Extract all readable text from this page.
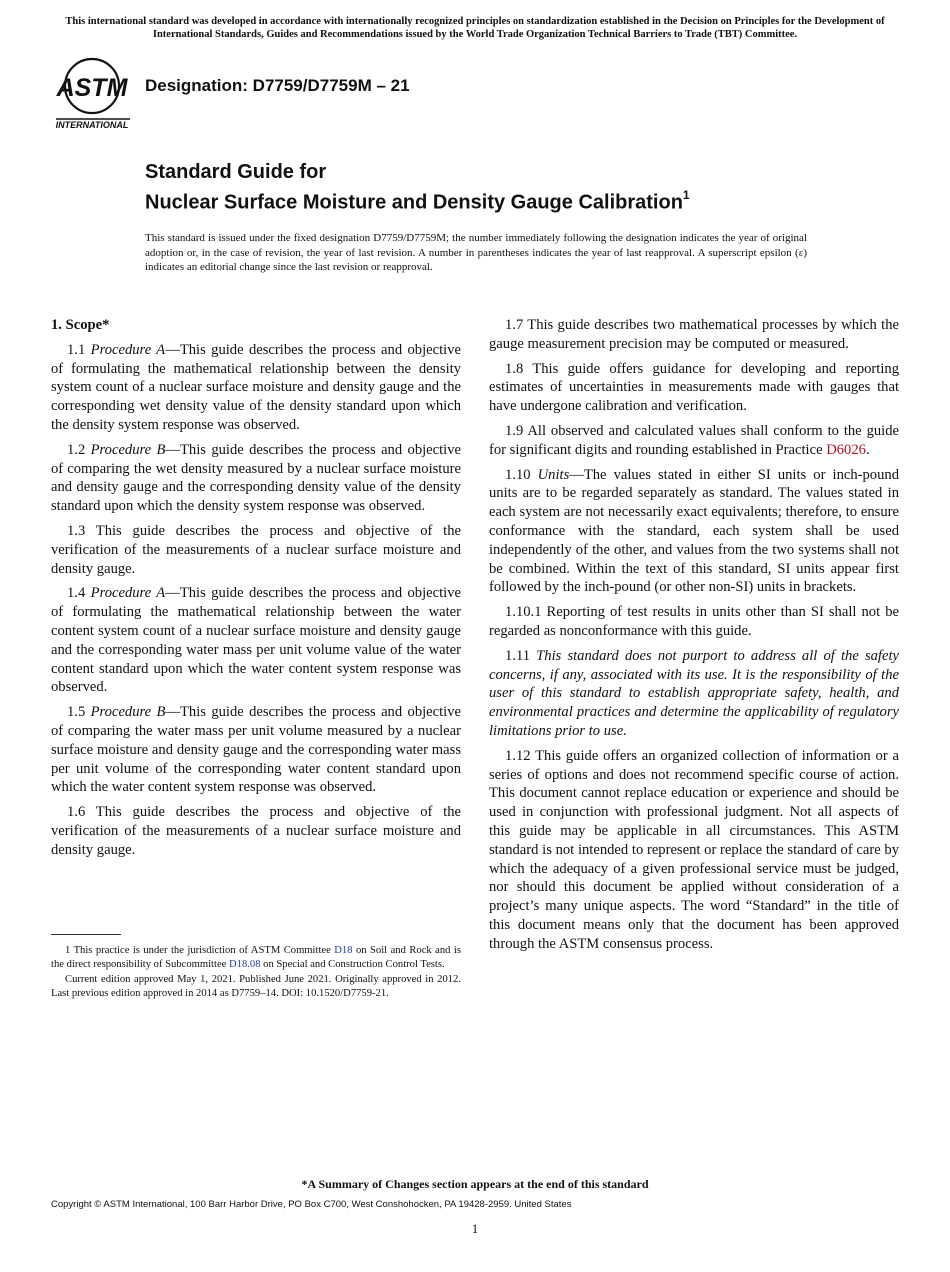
This international standard was developed in accordance with internationally recognized principles on standardization established in the Decision on Principles for the Development of International Standards, Guides and Recommendations issued by the World Trade Organization Technical Barriers to Trade (TBT) Committee.
ASTM
INTERNATIONAL
Designation: D7759/D7759M – 21
Standard Guide for
Nuclear Surface Moisture and Density Gauge Calibration$^1$
This standard is issued under the fixed designation D7759/D7759M; the number immediately following the designation indicates the year of original adoption or, in the case of revision, the year of last revision. A number in parentheses indicates the year of last reapproval. A superscript epsilon (ε) indicates an editorial change since the last revision or reapproval.
1. Scope*

1.1 Procedure A—This guide describes the process and objective of formulating the mathematical relationship between the density system count of a nuclear surface moisture and density gauge and the corresponding wet density value of the density standard upon which the density system response was observed.

1.2 Procedure B—This guide describes the process and objective of comparing the wet density measured by a nuclear surface moisture and density gauge and the corresponding density value of the density standard upon which the density system response was observed.

1.3 This guide describes the process and objective of the verification of the measurements of a nuclear surface moisture and density gauge.

1.4 Procedure A—This guide describes the process and objective of formulating the mathematical relationship between the water content system count of a nuclear surface moisture and density gauge and the corresponding water mass per unit volume value of the water content standard upon which the water content system response was observed.

1.5 Procedure B—This guide describes the process and objective of comparing the water mass per unit volume measured by a nuclear surface moisture and density gauge and the corresponding water mass per unit volume of the corresponding water content standard upon which the water content system response was observed.

1.6 This guide describes the process and objective of the verification of the measurements of a nuclear surface moisture and density gauge.

1.7 This guide describes two mathematical processes by which the gauge measurement precision may be computed or measured.

1.8 This guide offers guidance for developing and reporting estimates of uncertainties in measurements made with gauges that have undergone calibration and verification.

1.9 All observed and calculated values shall conform to the guide for significant digits and rounding established in Practice D6026.

1.10 Units—The values stated in either SI units or inch-pound units are to be regarded separately as standard. The values stated in each system are not necessarily exact equivalents; therefore, to ensure conformance with the standard, each system shall be used independently of the other, and values from the two systems shall not be combined. Within the text of this standard, SI units appear first followed by the inch-pound (or other non-SI) units in brackets.

1.10.1 Reporting of test results in units other than SI shall not be regarded as nonconformance with this guide.

1.11 This standard does not purport to address all of the safety concerns, if any, associated with its use. It is the responsibility of the user of this standard to establish appropriate safety, health, and environmental practices and determine the applicability of regulatory limitations prior to use.

1.12 This guide offers an organized collection of information or a series of options and does not recommend specific course of action. This document cannot replace education or experience and should be used in conjunction with professional judgment. Not all aspects of this guide may be applicable in all circumstances. This ASTM standard is not intended to represent or replace the standard of care by which the adequacy of a given professional service must be judged, nor should this document be applied without consideration of a project’s many unique aspects. The word “Standard” in the title of this document means only that the document has been approved through the ASTM consensus process.

1 This practice is under the jurisdiction of ASTM Committee D18 on Soil and Rock and is the direct responsibility of Subcommittee D18.08 on Special and Construction Control Tests.

Current edition approved May 1, 2021. Published June 2021. Originally approved in 2012. Last previous edition approved in 2014 as D7759–14. DOI: 10.1520/D7759-21.

*A Summary of Changes section appears at the end of this standard
Copyright © ASTM International, 100 Barr Harbor Drive, PO Box C700, West Conshohocken, PA 19428-2959. United States
1
